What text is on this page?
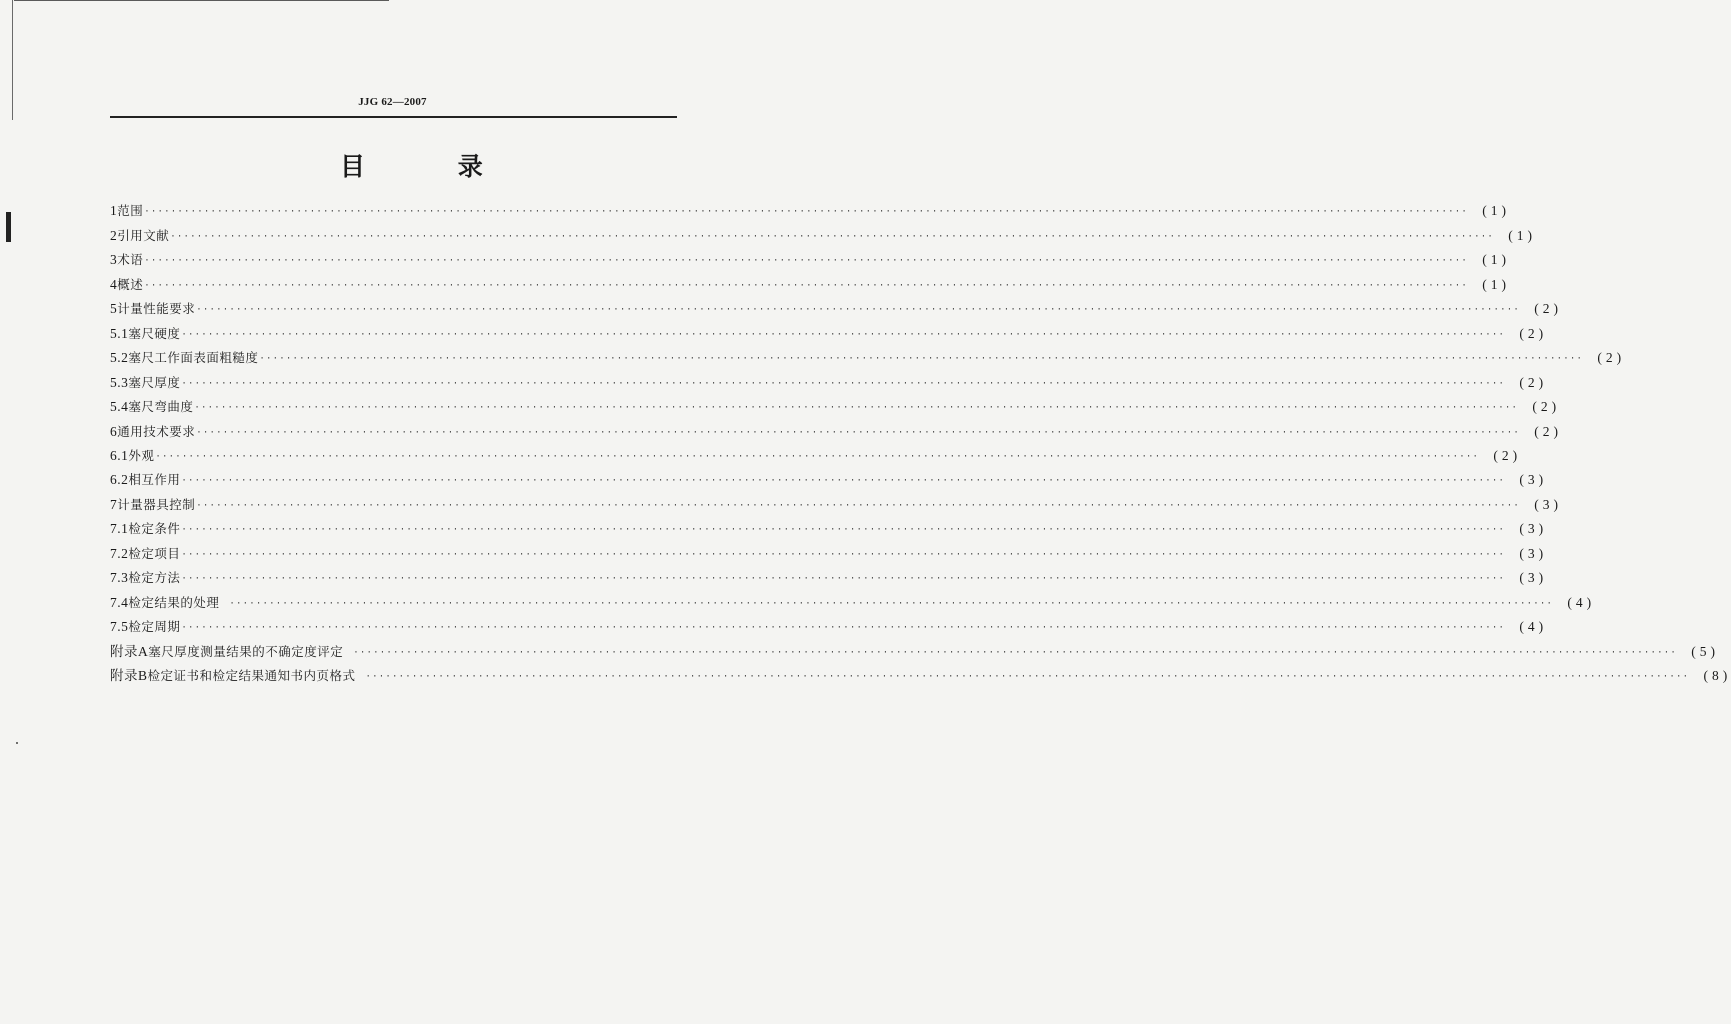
JJG 62—2007
目 录
1 范围 ········································································································································································································	(1)
2 引用文献 ········································································································································································································	(1)
3 术语 ········································································································································································································	(1)
4 概述 ········································································································································································································	(1)
5 计量性能要求 ········································································································································································································	(2)
5.1 塞尺硬度 ········································································································································································································	(2)
5.2 塞尺工作面表面粗糙度 ········································································································································································································	(2)
5.3 塞尺厚度 ········································································································································································································	(2)
5.4 塞尺弯曲度 ········································································································································································································	(2)
6 通用技术要求 ········································································································································································································	(2)
6.1 外观 ········································································································································································································	(2)
6.2 相互作用 ········································································································································································································	(3)
7 计量器具控制 ········································································································································································································	(3)
7.1 检定条件 ········································································································································································································	(3)
7.2 检定项目 ········································································································································································································	(3)
7.3 检定方法 ········································································································································································································	(3)
7.4 检定结果的处理 ········································································································································································································	(4)
7.5 检定周期 ········································································································································································································	(4)
附录A 塞尺厚度测量结果的不确定度评定 ········································································································································································································	(5)
附录B 检定证书和检定结果通知书内页格式 ········································································································································································································	(8)
